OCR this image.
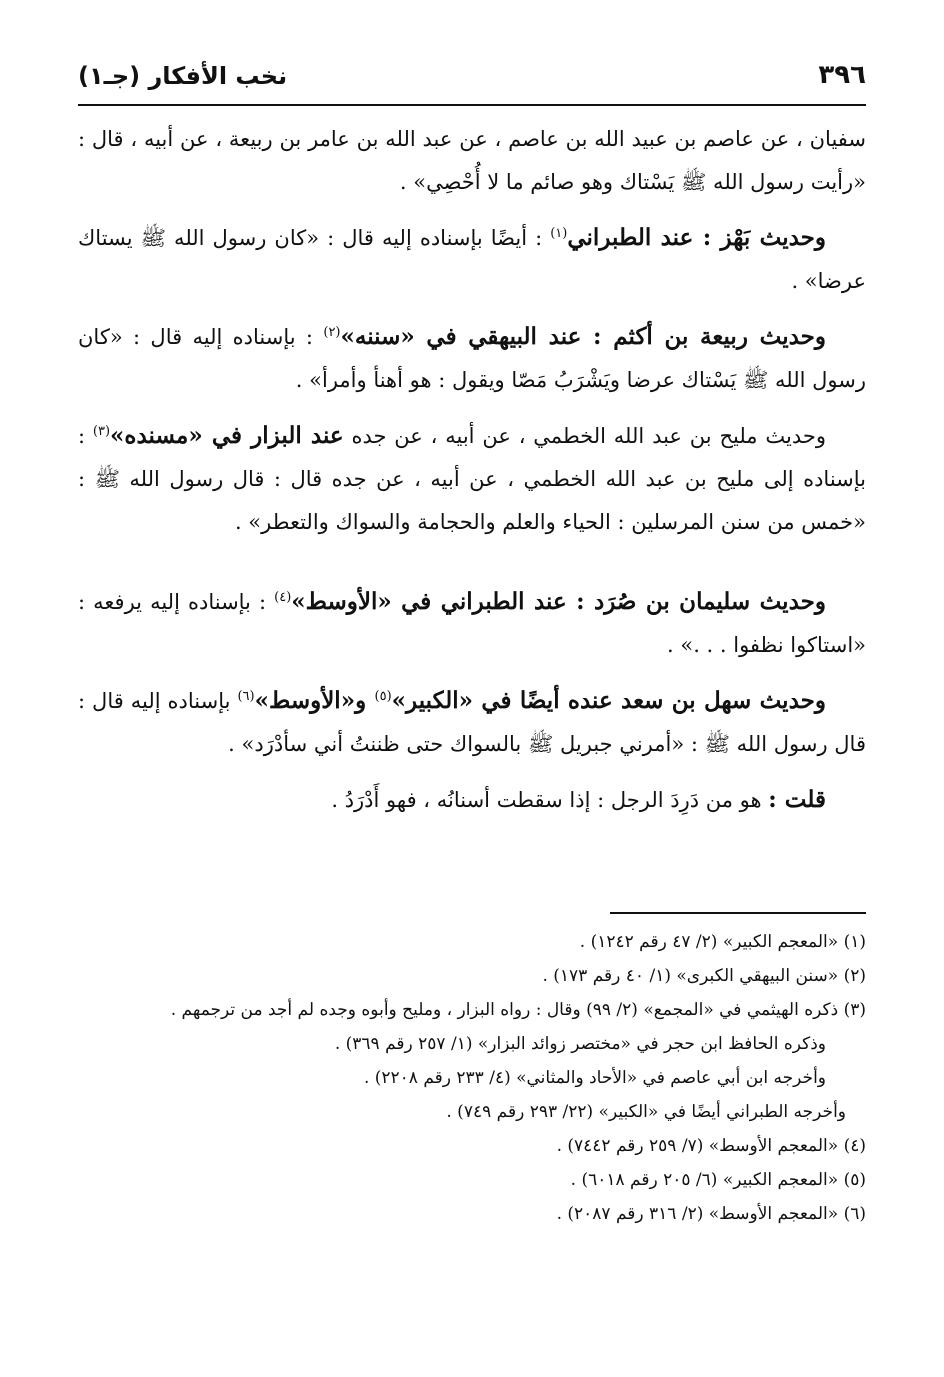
٣٩٦
نخب الأفكار (جـ١)

سفيان ، عن عاصم بن عبيد الله بن عاصم ، عن عبد الله بن عامر بن ربيعة ، عن أبيه ، قال : «رأيت رسول الله ﷺ يَسْتاك وهو صائم ما لا أُحْصِي» .

وحديث بَهْز : عند الطبراني$^{(١)}$ : أيضًا بإسناده إليه قال : «كان رسول الله ﷺ يستاك عرضا» .

وحديث ربيعة بن أكثم : عند البيهقي في «سننه»$^{(٢)}$ : بإسناده إليه قال : «كان رسول الله ﷺ يَسْتاك عرضا ويَشْرَبُ مَصّا ويقول : هو أهنأ وأمرأ» .

وحديث مليح بن عبد الله الخطمي ، عن أبيه ، عن جده عند البزار في «مسنده»$^{(٣)}$ : بإسناده إلى مليح بن عبد الله الخطمي ، عن أبيه ، عن جده قال : قال رسول الله ﷺ : «خمس من سنن المرسلين : الحياء والعلم والحجامة والسواك والتعطر» .

وحديث سليمان بن صُرَد : عند الطبراني في «الأوسط»$^{(٤)}$ : بإسناده إليه يرفعه : «استاكوا نظفوا . . .» .

وحديث سهل بن سعد عنده أيضًا في «الكبير»$^{(٥)}$ و«الأوسط»$^{(٦)}$ بإسناده إليه قال : قال رسول الله ﷺ : «أمرني جبريل ﷺ بالسواك حتى ظننتُ أني سأدْرَد» .

قلت : هو من دَرِدَ الرجل : إذا سقطت أسنانُه ، فهو أَدْرَدُ .

(١) «المعجم الكبير» (٢/ ٤٧ رقم ١٢٤٢) .

(٢) «سنن البيهقي الكبرى» (١/ ٤٠ رقم ١٧٣) .

(٣) ذكره الهيثمي في «المجمع» (٢/ ٩٩) وقال : رواه البزار ، ومليح وأبوه وجده لم أجد من ترجمهم .

وذكره الحافظ ابن حجر في «مختصر زوائد البزار» (١/ ٢٥٧ رقم ٣٦٩) .

وأخرجه ابن أبي عاصم في «الأحاد والمثاني» (٤/ ٢٣٣ رقم ٢٢٠٨) .

وأخرجه الطبراني أيضًا في «الكبير» (٢٢/ ٢٩٣ رقم ٧٤٩) .

(٤) «المعجم الأوسط» (٧/ ٢٥٩ رقم ٧٤٤٢) .

(٥) «المعجم الكبير» (٦/ ٢٠٥ رقم ٦٠١٨) .

(٦) «المعجم الأوسط» (٢/ ٣١٦ رقم ٢٠٨٧) .
